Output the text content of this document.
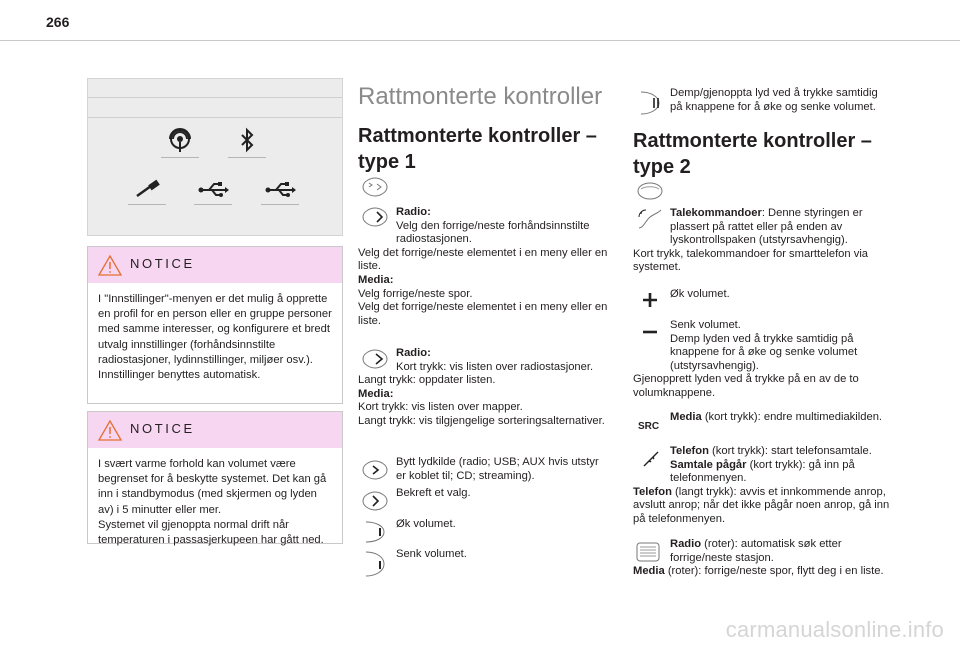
266
NOTICE
I "Innstillinger"-menyen er det mulig å opprette en profil for en person eller en gruppe personer med samme interesser, og konfigurere et bredt utvalg innstillinger (forhåndsinnstilte radiostasjoner, lydinnstillinger, miljøer osv.). Innstillinger benyttes automatisk.
NOTICE
I svært varme forhold kan volumet være begrenset for å beskytte systemet. Det kan gå inn i standbymodus (med skjermen og lyden av) i 5 minutter eller mer.
Systemet vil gjenoppta normal drift når temperaturen i passasjerkupeen har gått ned.
Rattmonterte kontroller
Rattmonterte kontroller – type 1
Radio:
Velg den forrige/neste forhåndsinnstilte radiostasjonen.
Velg det forrige/neste elementet i en meny eller en liste.
Media:
Velg forrige/neste spor.
Velg det forrige/neste elementet i en meny eller en liste.
Radio:
Kort trykk: vis listen over radiostasjoner.
Langt trykk: oppdater listen.
Media:
Kort trykk: vis listen over mapper.
Langt trykk: vis tilgjengelige sorteringsalternativer.
Bytt lydkilde (radio; USB; AUX hvis utstyr er koblet til; CD; streaming).
Bekreft et valg.
Øk volumet.
Senk volumet.
Demp/gjenoppta lyd ved å trykke samtidig på knappene for å øke og senke volumet.
Rattmonterte kontroller – type 2
Talekommandoer: Denne styringen er plassert på rattet eller på enden av lyskontrollspaken (utstyrsavhengig).
Kort trykk, talekommandoer for smarttelefon via systemet.
Øk volumet.
Senk volumet.
Demp lyden ved å trykke samtidig på knappene for å øke og senke volumet (utstyrsavhengig).
Gjenopprett lyden ved å trykke på en av de to volumknappene.
SRC
Media (kort trykk): endre multimediakilden.
Telefon (kort trykk): start telefonsamtale.
Samtale pågår (kort trykk): gå inn på telefonmenyen.
Telefon (langt trykk): avvis et innkommende anrop, avslutt anrop; når det ikke pågår noen anrop, gå inn på telefonmenyen.
Radio (roter): automatisk søk etter forrige/neste stasjon.
Media (roter): forrige/neste spor, flytt deg i en liste.
carmanualsonline.info
